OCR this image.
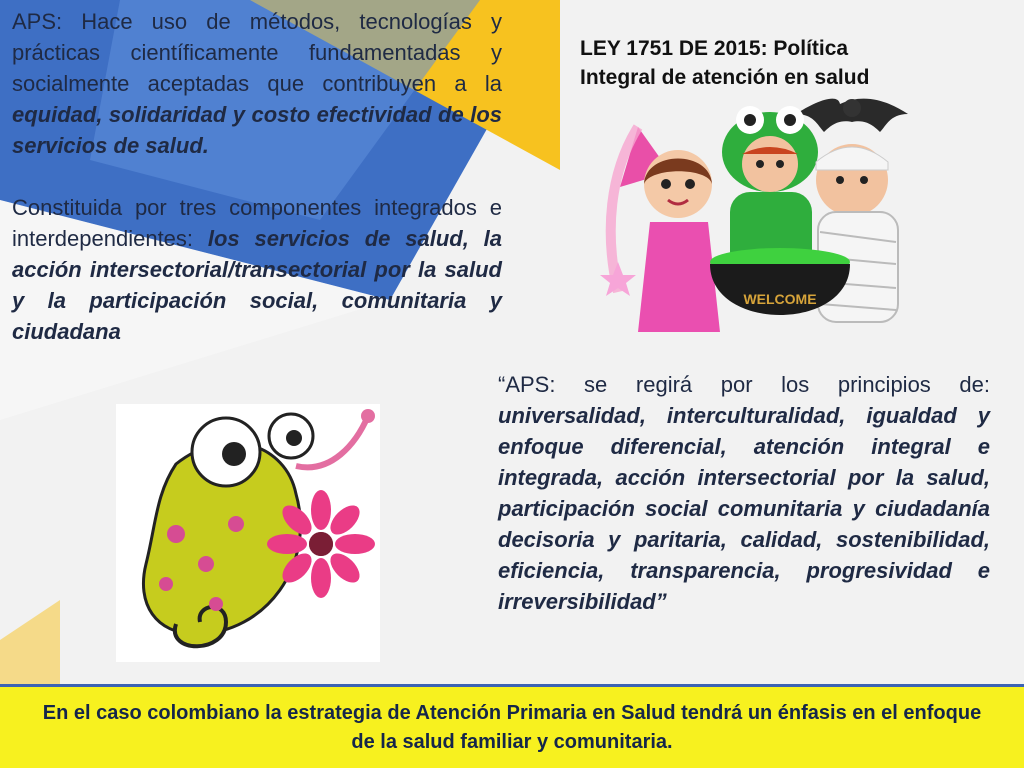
APS: Hace uso de métodos, tecnologías y prácticas científicamente fundamentadas y socialmente aceptadas que contribuyen a la equidad, solidaridad y costo efectividad de los servicios de salud.
Constituida por tres componentes integrados e interdependientes: los servicios de salud, la acción intersectorial/transectorial por la salud y la participación social, comunitaria y ciudadana
LEY 1751 DE 2015: Política
Integral de atención en salud
WELCOME
“APS: se regirá por los principios de: universalidad, interculturalidad, igualdad y enfoque diferencial, atención integral e integrada, acción intersectorial por la salud, participación social comunitaria y ciudadanía decisoria y paritaria, calidad, sostenibilidad, eficiencia, transparencia, progresividad e irreversibilidad”
En el caso colombiano la estrategia de Atención Primaria en Salud tendrá un énfasis en el enfoque de la salud familiar y comunitaria.
